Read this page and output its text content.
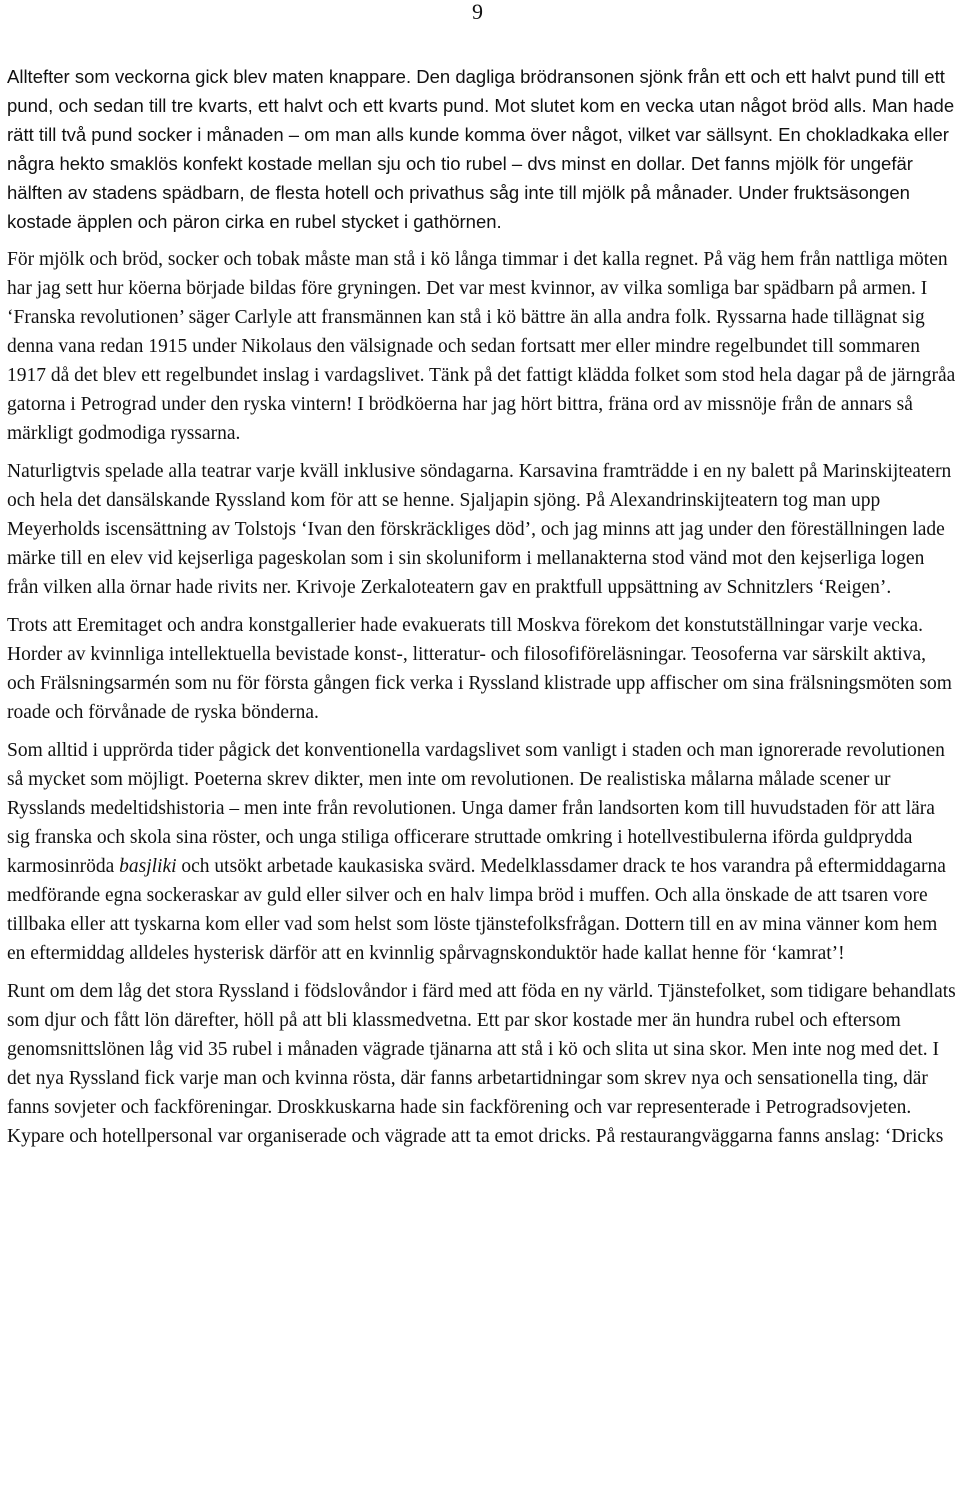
9

Alltefter som veckorna gick blev maten knappare. Den dagliga brödransonen sjönk från ett och ett halvt pund till ett pund, och sedan till tre kvarts, ett halvt och ett kvarts pund. Mot slutet kom en vecka utan något bröd alls. Man hade rätt till två pund socker i månaden – om man alls kunde komma över något, vilket var sällsynt. En chokladkaka eller några hekto smaklös konfekt kostade mellan sju och tio rubel – dvs minst en dollar. Det fanns mjölk för ungefär hälften av stadens spädbarn, de flesta hotell och privathus såg inte till mjölk på månader. Under fruktsäsongen kostade äpplen och päron cirka en rubel stycket i gathörnen.

För mjölk och bröd, socker och tobak måste man stå i kö långa timmar i det kalla regnet. På väg hem från nattliga möten har jag sett hur köerna började bildas före gryningen. Det var mest kvinnor, av vilka somliga bar spädbarn på armen. I ‘Franska revolutionen’ säger Carlyle att fransmännen kan stå i kö bättre än alla andra folk. Ryssarna hade tillägnat sig denna vana redan 1915 under Nikolaus den välsignade och sedan fortsatt mer eller mindre regelbundet till sommaren 1917 då det blev ett regelbundet inslag i vardagslivet. Tänk på det fattigt klädda folket som stod hela dagar på de järngråa gatorna i Petrograd under den ryska vintern! I brödköerna har jag hört bittra, fräna ord av missnöje från de annars så märkligt godmodiga ryssarna.

Naturligtvis spelade alla teatrar varje kväll inklusive söndagarna. Karsavina framträdde i en ny balett på Marinskijteatern och hela det dansälskande Ryssland kom för att se henne. Sjaljapin sjöng. På Alexandrinskijteatern tog man upp Meyerholds iscensättning av Tolstojs ‘Ivan den förskräckliges död’, och jag minns att jag under den föreställningen lade märke till en elev vid kejserliga pageskolan som i sin skoluniform i mellanakterna stod vänd mot den kejserliga logen från vilken alla örnar hade rivits ner. Krivoje Zerkaloteatern gav en praktfull uppsättning av Schnitzlers ‘Reigen’.

Trots att Eremitaget och andra konstgallerier hade evakuerats till Moskva förekom det konstutställningar varje vecka. Horder av kvinnliga intellektuella bevistade konst-, litteratur- och filosofiföreläsningar. Teosoferna var särskilt aktiva, och Frälsningsarmén som nu för första gången fick verka i Ryssland klistrade upp affischer om sina frälsningsmöten som roade och förvånade de ryska bönderna.

Som alltid i upprörda tider pågick det konventionella vardagslivet som vanligt i staden och man ignorerade revolutionen så mycket som möjligt. Poeterna skrev dikter, men inte om revolutionen. De realistiska målarna målade scener ur Rysslands medeltidshistoria – men inte från revolutionen. Unga damer från landsorten kom till huvudstaden för att lära sig franska och skola sina röster, och unga stiliga officerare struttade omkring i hotellvestibulerna iförda guldprydda karmosinröda basjliki och utsökt arbetade kaukasiska svärd. Medelklassdamer drack te hos varandra på eftermiddagarna medförande egna sockeraskar av guld eller silver och en halv limpa bröd i muffen. Och alla önskade de att tsaren vore tillbaka eller att tyskarna kom eller vad som helst som löste tjänstefolksfrågan. Dottern till en av mina vänner kom hem en eftermiddag alldeles hysterisk därför att en kvinnlig spårvagnskonduktör hade kallat henne för ‘kamrat’!

Runt om dem låg det stora Ryssland i födslovåndor i färd med att föda en ny värld. Tjänstefolket, som tidigare behandlats som djur och fått lön därefter, höll på att bli klassmedvetna. Ett par skor kostade mer än hundra rubel och eftersom genomsnittslönen låg vid 35 rubel i månaden vägrade tjänarna att stå i kö och slita ut sina skor. Men inte nog med det. I det nya Ryssland fick varje man och kvinna rösta, där fanns arbetartidningar som skrev nya och sensationella ting, där fanns sovjeter och fackföreningar. Droskkuskarna hade sin fackförening och var representerade i Petrogradsovjeten. Kypare och hotellpersonal var organiserade och vägrade att ta emot dricks. På restaurangväggarna fanns anslag: ‘Dricks
